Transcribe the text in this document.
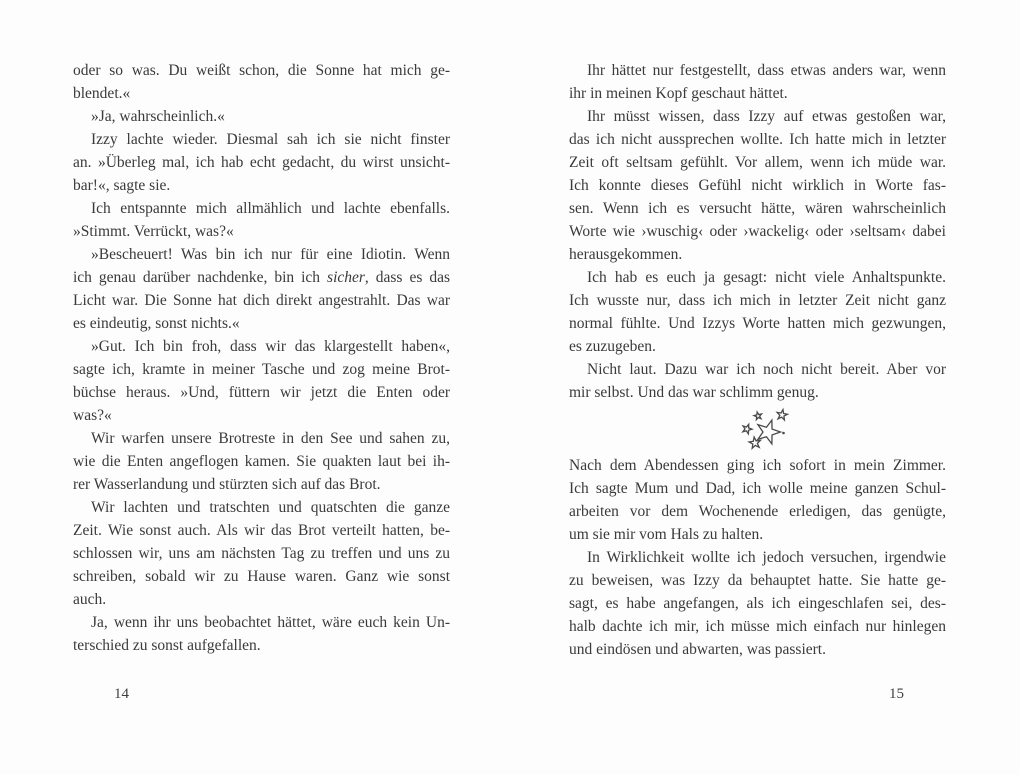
oder so was. Du weißt schon, die Sonne hat mich ge-
blendet.«
»Ja, wahrscheinlich.«
Izzy lachte wieder. Diesmal sah ich sie nicht finster
an. »Überleg mal, ich hab echt gedacht, du wirst unsicht-
bar!«, sagte sie.
Ich entspannte mich allmählich und lachte ebenfalls.
»Stimmt. Verrückt, was?«
»Bescheuert! Was bin ich nur für eine Idiotin. Wenn
ich genau darüber nachdenke, bin ich sicher, dass es das
Licht war. Die Sonne hat dich direkt angestrahlt. Das war
es eindeutig, sonst nichts.«
»Gut. Ich bin froh, dass wir das klargestellt haben«,
sagte ich, kramte in meiner Tasche und zog meine Brot-
büchse heraus. »Und, füttern wir jetzt die Enten oder
was?«
Wir warfen unsere Brotreste in den See und sahen zu,
wie die Enten angeflogen kamen. Sie quakten laut bei ih-
rer Wasserlandung und stürzten sich auf das Brot.
Wir lachten und tratschten und quatschten die ganze
Zeit. Wie sonst auch. Als wir das Brot verteilt hatten, be-
schlossen wir, uns am nächsten Tag zu treffen und uns zu
schreiben, sobald wir zu Hause waren. Ganz wie sonst
auch.
Ja, wenn ihr uns beobachtet hättet, wäre euch kein Un-
terschied zu sonst aufgefallen.
Ihr hättet nur festgestellt, dass etwas anders war, wenn
ihr in meinen Kopf geschaut hättet.
Ihr müsst wissen, dass Izzy auf etwas gestoßen war,
das ich nicht aussprechen wollte. Ich hatte mich in letzter
Zeit oft seltsam gefühlt. Vor allem, wenn ich müde war.
Ich konnte dieses Gefühl nicht wirklich in Worte fas-
sen. Wenn ich es versucht hätte, wären wahrscheinlich
Worte wie ›wuschig‹ oder ›wackelig‹ oder ›seltsam‹ dabei
herausgekommen.
Ich hab es euch ja gesagt: nicht viele Anhaltspunkte.
Ich wusste nur, dass ich mich in letzter Zeit nicht ganz
normal fühlte. Und Izzys Worte hatten mich gezwungen,
es zuzugeben.
Nicht laut. Dazu war ich noch nicht bereit. Aber vor
mir selbst. Und das war schlimm genug.
Nach dem Abendessen ging ich sofort in mein Zimmer.
Ich sagte Mum und Dad, ich wolle meine ganzen Schul-
arbeiten vor dem Wochenende erledigen, das genügte,
um sie mir vom Hals zu halten.
In Wirklichkeit wollte ich jedoch versuchen, irgendwie
zu beweisen, was Izzy da behauptet hatte. Sie hatte ge-
sagt, es habe angefangen, als ich eingeschlafen sei, des-
halb dachte ich mir, ich müsse mich einfach nur hinlegen
und eindösen und abwarten, was passiert.
14	15
